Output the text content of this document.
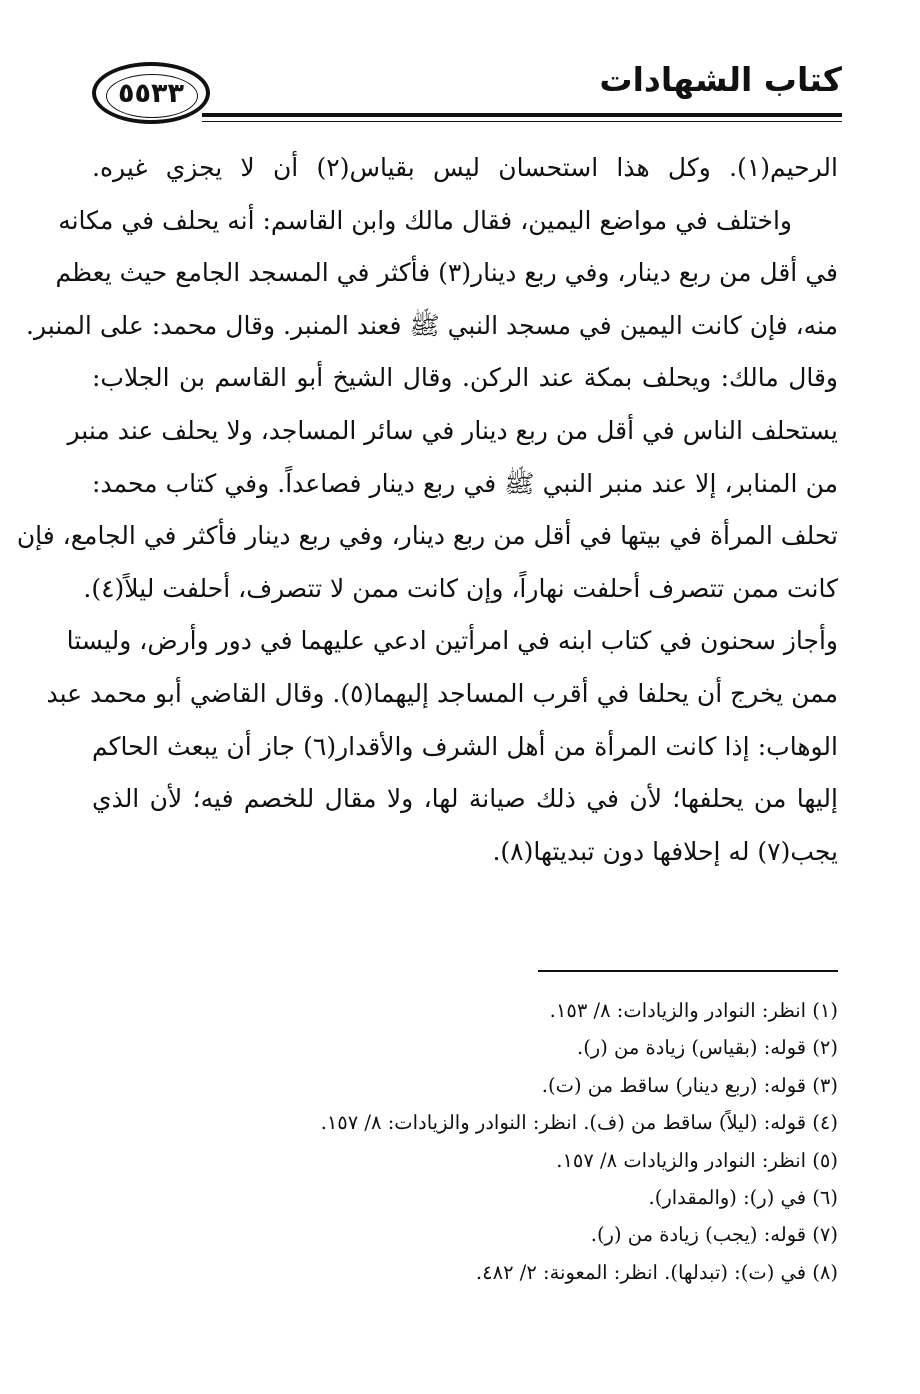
٥٥٣٣	كتاب الشهادات
الرحيم(١). وكل هذا استحسان ليس بقياس(٢) أن لا يجزي غيره.
واختلف في مواضع اليمين، فقال مالك وابن القاسم: أنه يحلف في مكانه
في أقل من ربع دينار، وفي ربع دينار(٣) فأكثر في المسجد الجامع حيث يعظم
منه، فإن كانت اليمين في مسجد النبي ﷺ فعند المنبر. وقال محمد: على المنبر.
وقال مالك: ويحلف بمكة عند الركن. وقال الشيخ أبو القاسم بن الجلاب:
يستحلف الناس في أقل من ربع دينار في سائر المساجد، ولا يحلف عند منبر
من المنابر، إلا عند منبر النبي ﷺ في ربع دينار فصاعداً. وفي كتاب محمد:
تحلف المرأة في بيتها في أقل من ربع دينار، وفي ربع دينار فأكثر في الجامع، فإن
كانت ممن تتصرف أحلفت نهاراً، وإن كانت ممن لا تتصرف، أحلفت ليلاً(٤).
وأجاز سحنون في كتاب ابنه في امرأتين ادعي عليهما في دور وأرض، وليستا
ممن يخرج أن يحلفا في أقرب المساجد إليهما(٥). وقال القاضي أبو محمد عبد
الوهاب: إذا كانت المرأة من أهل الشرف والأقدار(٦) جاز أن يبعث الحاكم
إليها من يحلفها؛ لأن في ذلك صيانة لها، ولا مقال للخصم فيه؛ لأن الذي
يجب(٧) له إحلافها دون تبديتها(٨).
(١) انظر: النوادر والزيادات: ٨/ ١٥٣.
(٢) قوله: (بقياس) زيادة من (ر).
(٣) قوله: (ربع دينار) ساقط من (ت).
(٤) قوله: (ليلاً) ساقط من (ف). انظر: النوادر والزيادات: ٨/ ١٥٧.
(٥) انظر: النوادر والزيادات ٨/ ١٥٧.
(٦) في (ر): (والمقدار).
(٧) قوله: (يجب) زيادة من (ر).
(٨) في (ت): (تبدلها). انظر: المعونة: ٢/ ٤٨٢.
